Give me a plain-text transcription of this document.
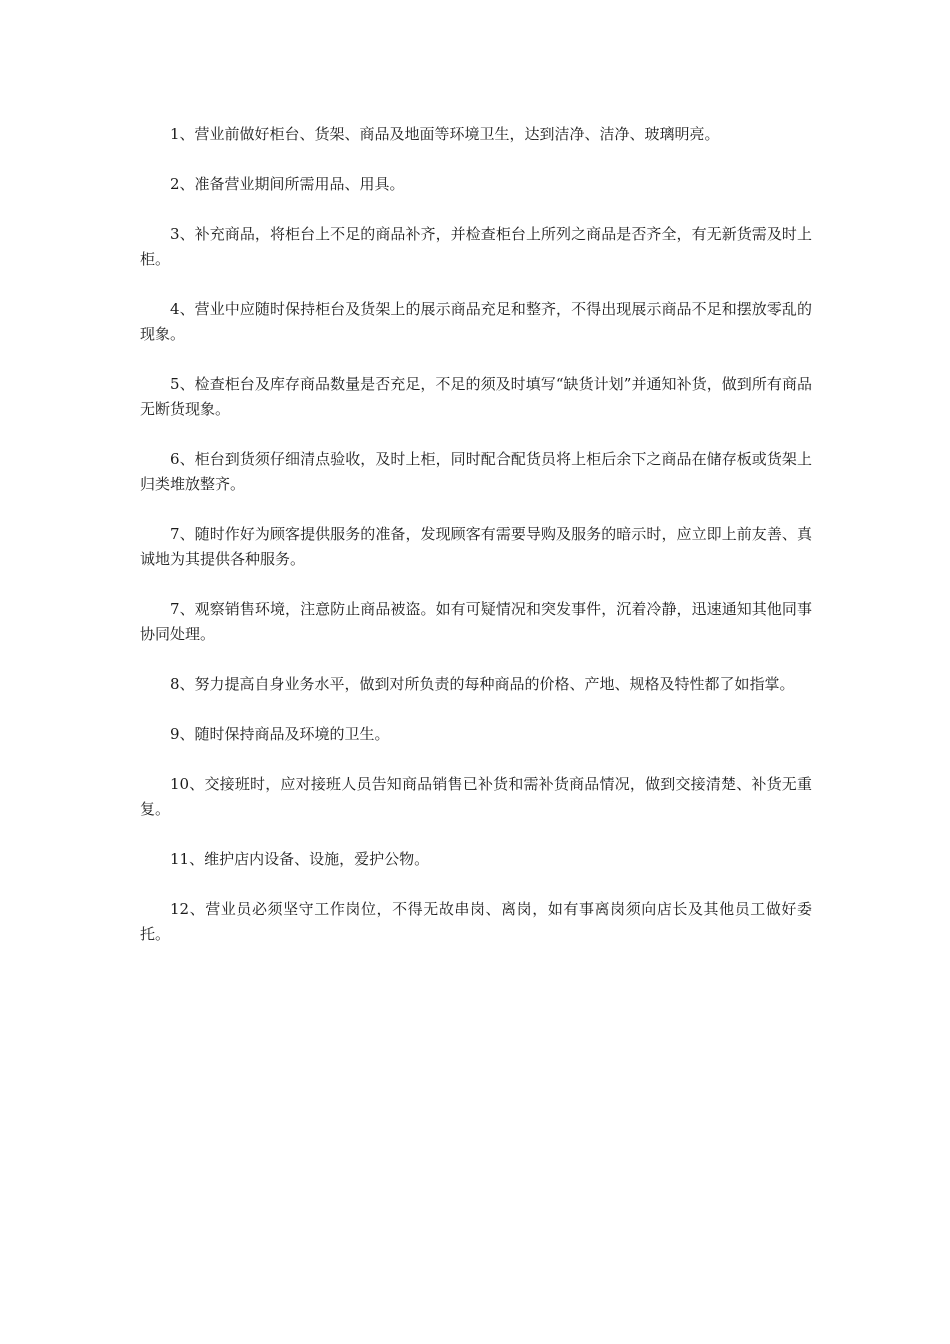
1、营业前做好柜台、货架、商品及地面等环境卫生，达到洁净、洁净、玻璃明亮。

2、准备营业期间所需用品、用具。

3、补充商品，将柜台上不足的商品补齐，并检查柜台上所列之商品是否齐全，有无新货需及时上柜。

4、营业中应随时保持柜台及货架上的展示商品充足和整齐，不得出现展示商品不足和摆放零乱的现象。

5、检查柜台及库存商品数量是否充足，不足的须及时填写“缺货计划”并通知补货，做到所有商品无断货现象。

6、柜台到货须仔细清点验收，及时上柜，同时配合配货员将上柜后余下之商品在储存板或货架上归类堆放整齐。

7、随时作好为顾客提供服务的准备，发现顾客有需要导购及服务的暗示时，应立即上前友善、真诚地为其提供各种服务。

7、观察销售环境，注意防止商品被盗。如有可疑情况和突发事件，沉着冷静，迅速通知其他同事协同处理。

8、努力提高自身业务水平，做到对所负责的每种商品的价格、产地、规格及特性都了如指掌。

9、随时保持商品及环境的卫生。

10、交接班时，应对接班人员告知商品销售已补货和需补货商品情况，做到交接清楚、补货无重复。

11、维护店内设备、设施，爱护公物。

12、营业员必须坚守工作岗位，不得无故串岗、离岗，如有事离岗须向店长及其他员工做好委托。
